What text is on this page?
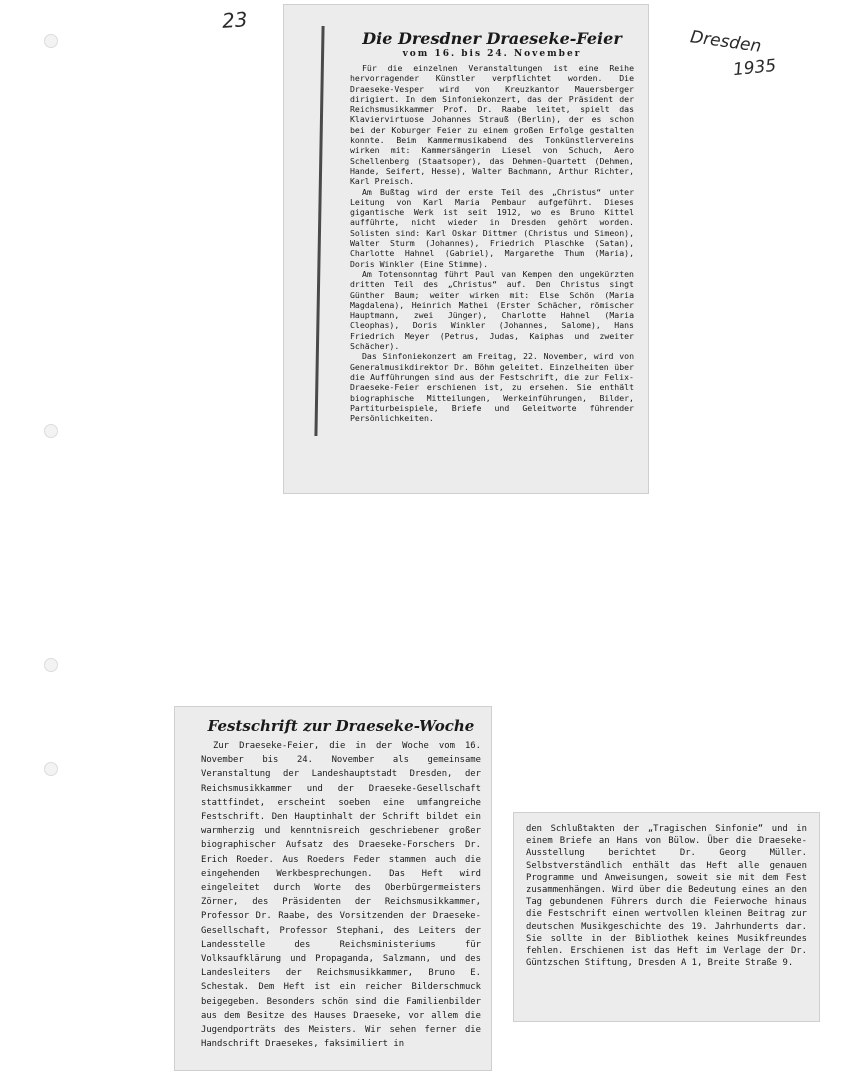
23
Dresden
1935
Die Dresdner Draeseke-Feier
vom 16. bis 24. November

Für die einzelnen Veranstaltungen ist eine Reihe hervorragender Künstler verpflichtet worden. Die Draeseke-Vesper wird von Kreuzkantor Mauersberger dirigiert. In dem Sinfoniekonzert, das der Präsident der Reichsmusikkammer Prof. Dr. Raabe leitet, spielt das Klaviervirtuose Johannes Strauß (Berlin), der es schon bei der Koburger Feier zu einem großen Erfolge gestalten konnte. Beim Kammermusikabend des Tonkünstlervereins wirken mit: Kammersängerin Liesel von Schuch, Aero Schellenberg (Staatsoper), das Dehmen-Quartett (Dehmen, Hande, Seifert, Hesse), Walter Bachmann, Arthur Richter, Karl Preisch.

Am Bußtag wird der erste Teil des „Christus“ unter Leitung von Karl Maria Pembaur aufgeführt. Dieses gigantische Werk ist seit 1912, wo es Bruno Kittel aufführte, nicht wieder in Dresden gehört worden. Solisten sind: Karl Oskar Dittmer (Christus und Simeon), Walter Sturm (Johannes), Friedrich Plaschke (Satan), Charlotte Hahnel (Gabriel), Margarethe Thum (Maria), Doris Winkler (Eine Stimme).

Am Totensonntag führt Paul van Kempen den ungekürzten dritten Teil des „Christus“ auf. Den Christus singt Günther Baum; weiter wirken mit: Else Schön (Maria Magdalena), Heinrich Mathei (Erster Schächer, römischer Hauptmann, zwei Jünger), Charlotte Hahnel (Maria Cleophas), Doris Winkler (Johannes, Salome), Hans Friedrich Meyer (Petrus, Judas, Kaiphas und zweiter Schächer).

Das Sinfoniekonzert am Freitag, 22. November, wird von Generalmusikdirektor Dr. Böhm geleitet. Einzelheiten über die Aufführungen sind aus der Festschrift, die zur Felix-Draeseke-Feier erschienen ist, zu ersehen. Sie enthält biographische Mitteilungen, Werkeinführungen, Bilder, Partiturbeispiele, Briefe und Geleitworte führender Persönlichkeiten.

Festschrift zur Draeseke-Woche

Zur Draeseke-Feier, die in der Woche vom 16. November bis 24. November als gemeinsame Veranstaltung der Landeshauptstadt Dresden, der Reichsmusikkammer und der Draeseke-Gesellschaft stattfindet, erscheint soeben eine umfangreiche Festschrift. Den Hauptinhalt der Schrift bildet ein warmherzig und kenntnisreich geschriebener großer biographischer Aufsatz des Draeseke-Forschers Dr. Erich Roeder. Aus Roeders Feder stammen auch die eingehenden Werkbesprechungen. Das Heft wird eingeleitet durch Worte des Oberbürgermeisters Zörner, des Präsidenten der Reichsmusikkammer, Professor Dr. Raabe, des Vorsitzenden der Draeseke-Gesellschaft, Professor Stephani, des Leiters der Landesstelle des Reichsministeriums für Volksaufklärung und Propaganda, Salzmann, und des Landesleiters der Reichsmusikkammer, Bruno E. Schestak. Dem Heft ist ein reicher Bilderschmuck beigegeben. Besonders schön sind die Familienbilder aus dem Besitze des Hauses Draeseke, vor allem die Jugendporträts des Meisters. Wir sehen ferner die Handschrift Draesekes, faksimiliert in

den Schlußtakten der „Tragischen Sinfonie“ und in einem Briefe an Hans von Bülow. Über die Draeseke-Ausstellung berichtet Dr. Georg Müller. Selbstverständlich enthält das Heft alle genauen Programme und Anweisungen, soweit sie mit dem Fest zusammenhängen. Wird über die Bedeutung eines an den Tag gebundenen Führers durch die Feierwoche hinaus die Festschrift einen wertvollen kleinen Beitrag zur deutschen Musikgeschichte des 19. Jahrhunderts dar. Sie sollte in der Bibliothek keines Musikfreundes fehlen. Erschienen ist das Heft im Verlage der Dr. Güntzschen Stiftung, Dresden A 1, Breite Straße 9.
